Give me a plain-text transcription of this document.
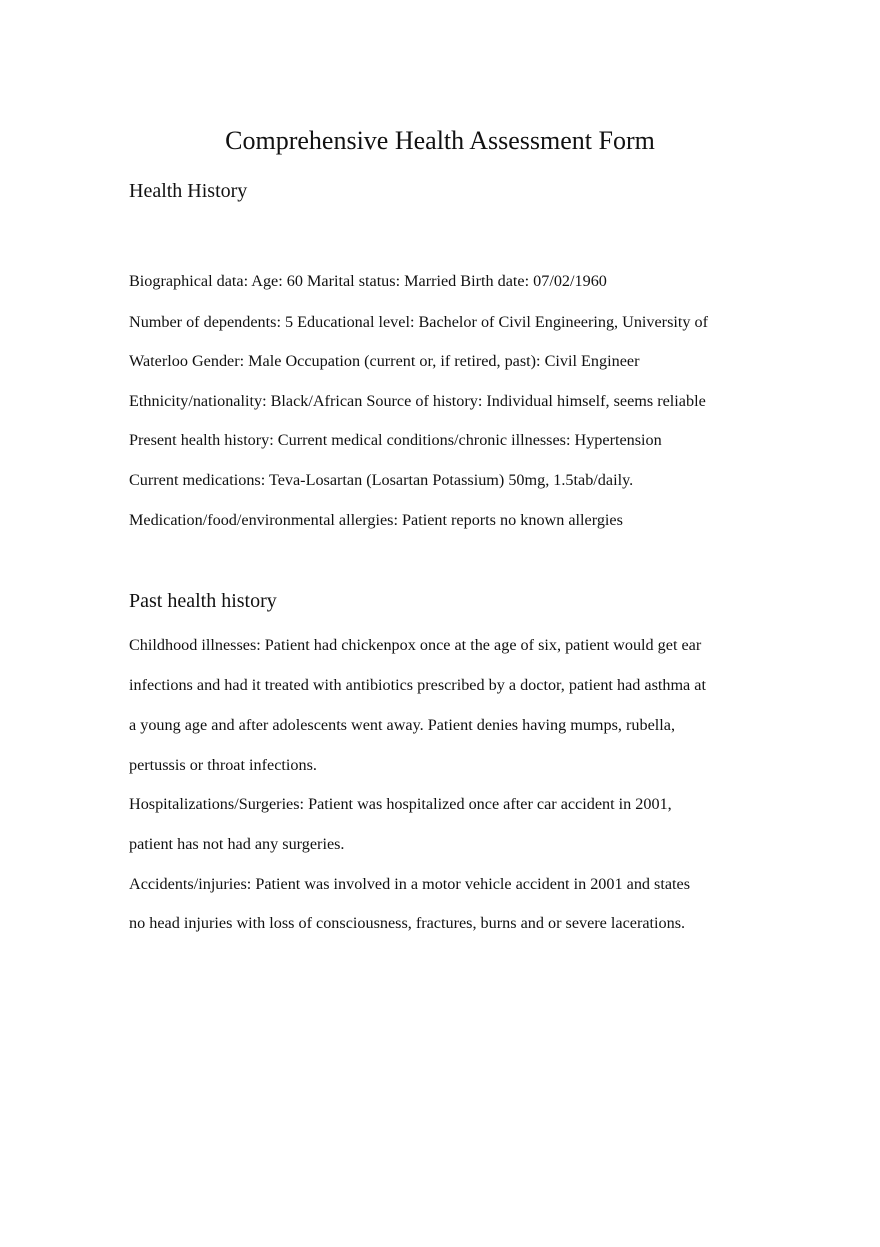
Comprehensive Health Assessment Form
Health History

Biographical data: Age: 60 Marital status: Married Birth date: 07/02/1960

Number of dependents: 5 Educational level: Bachelor of Civil Engineering, University of

Waterloo Gender: Male Occupation (current or, if retired, past): Civil Engineer

Ethnicity/nationality: Black/African Source of history: Individual himself, seems reliable

Present health history: Current medical conditions/chronic illnesses: Hypertension

Current medications: Teva-Losartan (Losartan Potassium) 50mg, 1.5tab/daily.

Medication/food/environmental allergies: Patient reports no known allergies

Past health history

Childhood illnesses: Patient had chickenpox once at the age of six, patient would get ear

infections and had it treated with antibiotics prescribed by a doctor, patient had asthma at

a young age and after adolescents went away. Patient denies having mumps, rubella,

pertussis or throat infections.

Hospitalizations/Surgeries: Patient was hospitalized once after car accident in 2001,

patient has not had any surgeries.

Accidents/injuries: Patient was involved in a motor vehicle accident in 2001 and states

no head injuries with loss of consciousness, fractures, burns and or severe lacerations.
